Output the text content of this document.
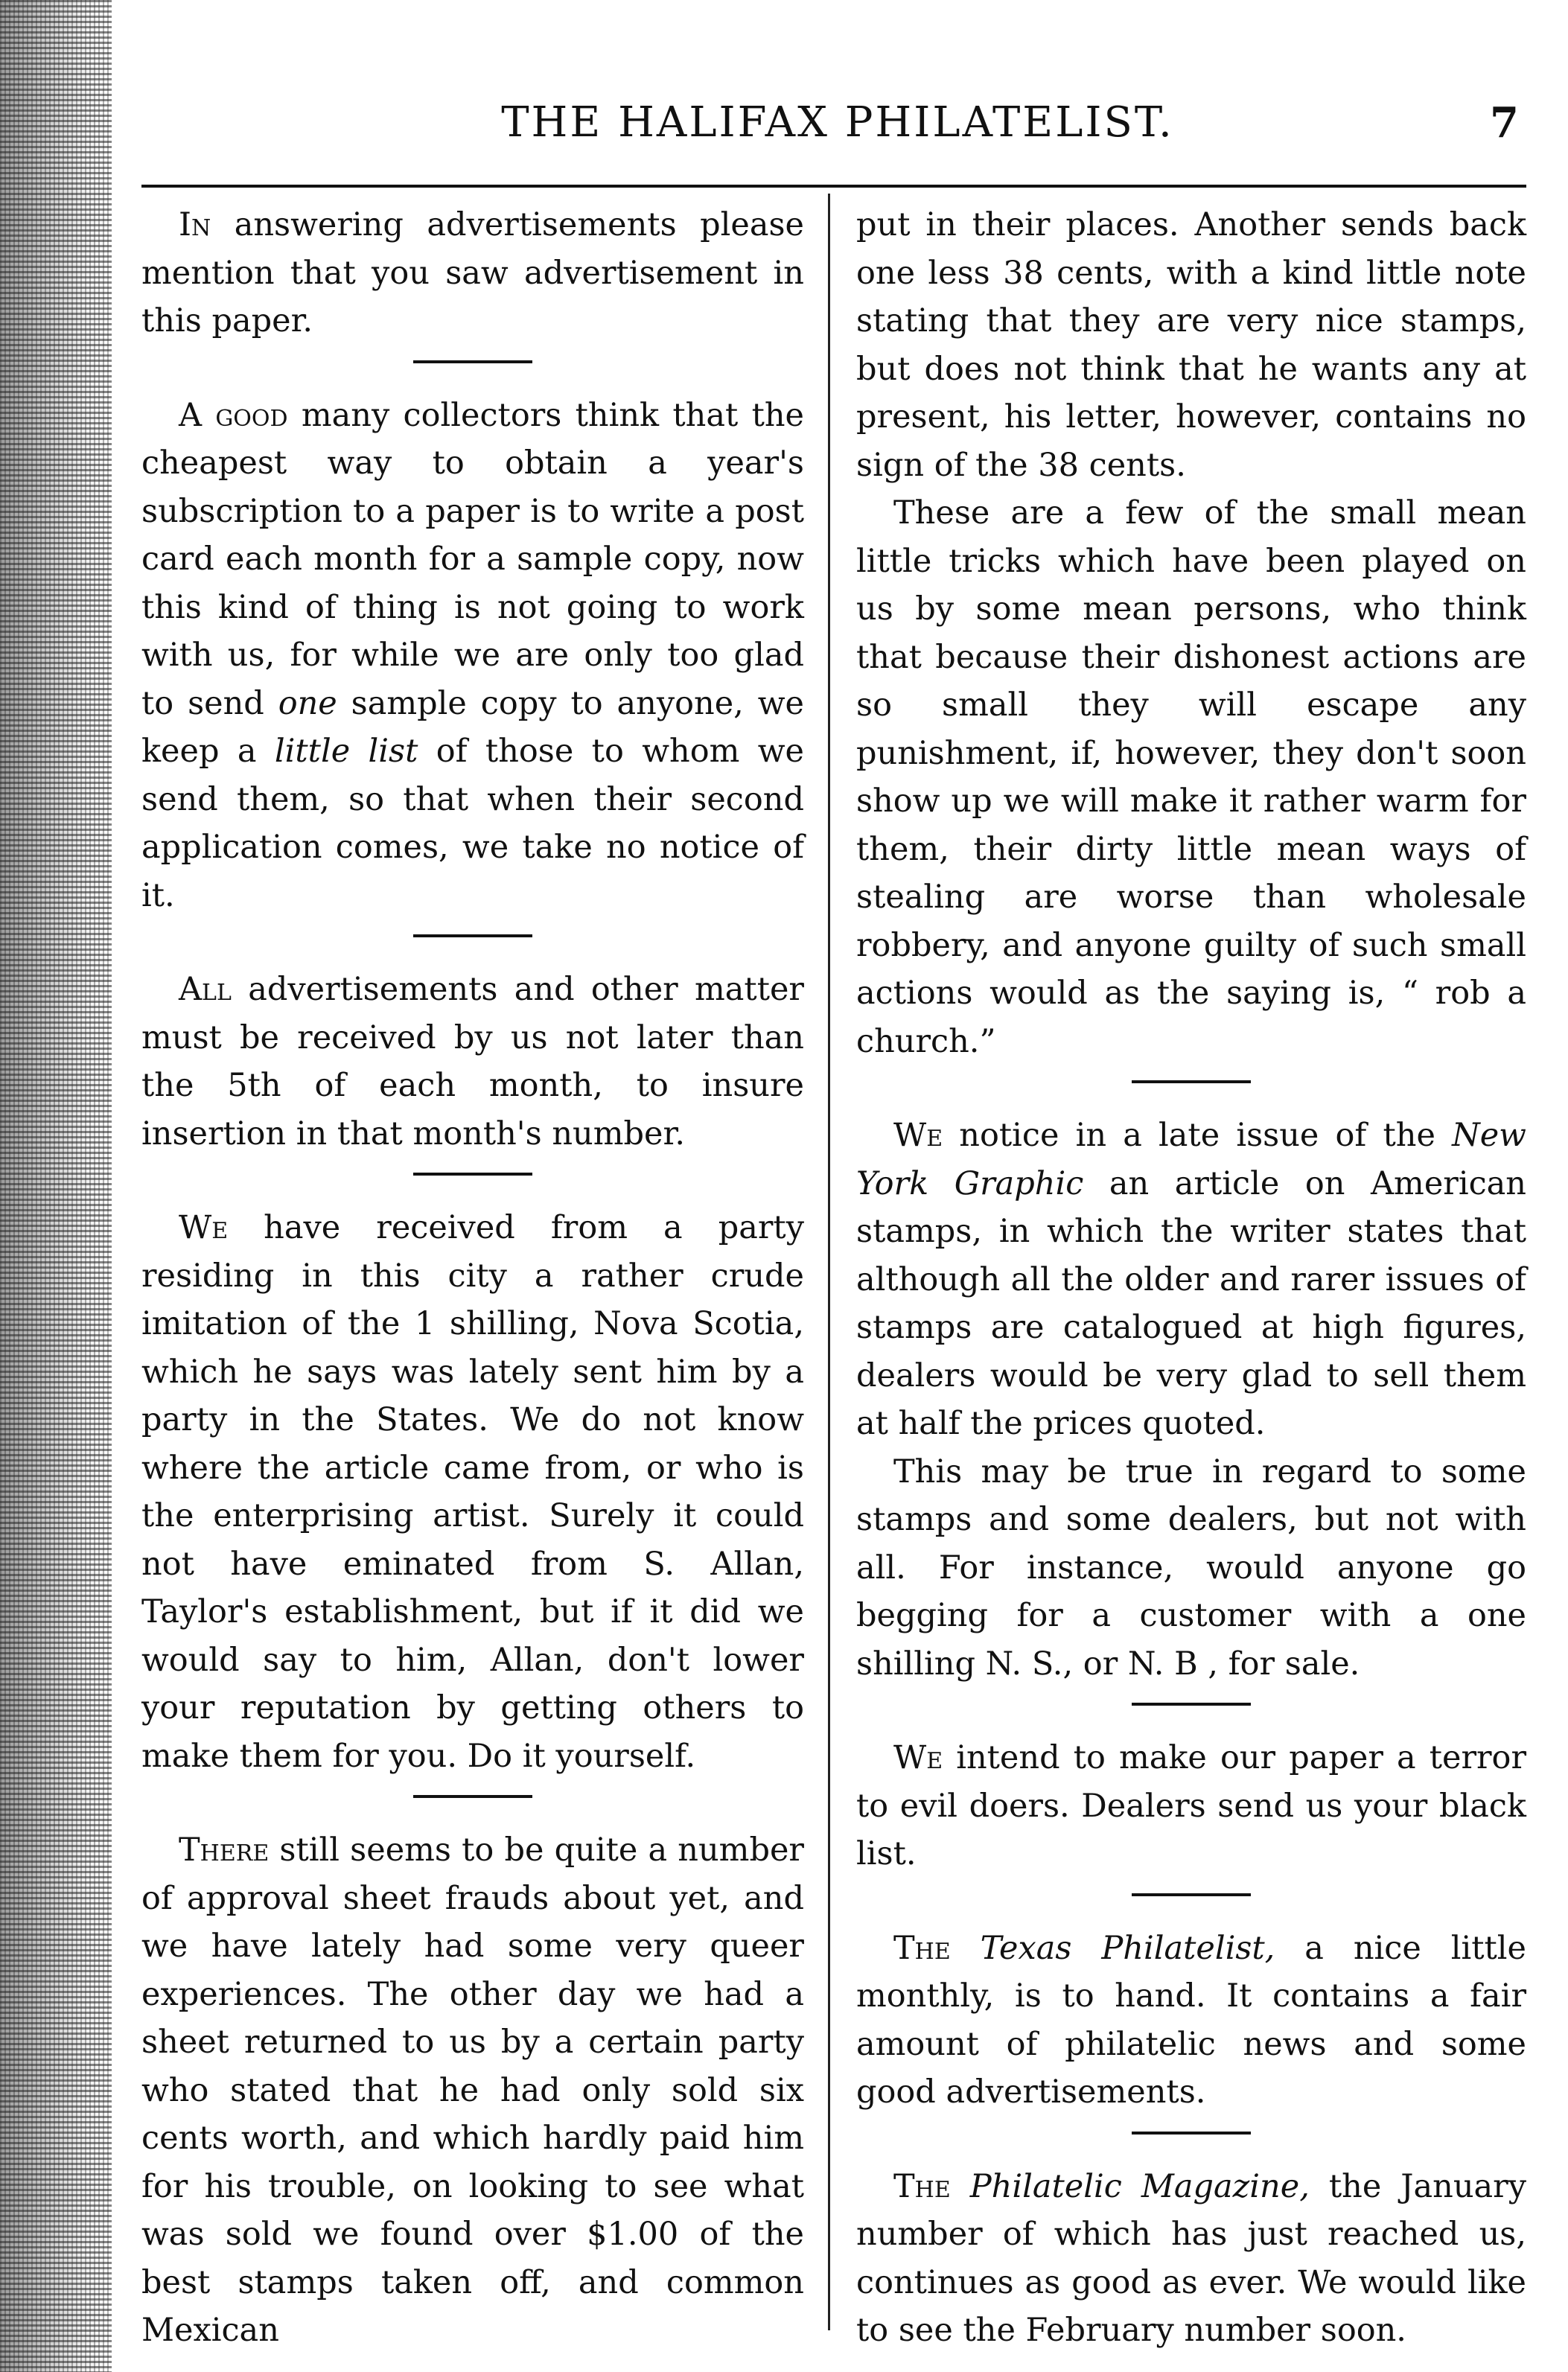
THE HALIFAX PHILATELIST.	7

In answering advertisements please mention that you saw advertisement in this paper.

A good many collectors think that the cheapest way to obtain a year's subscription to a paper is to write a post card each month for a sample copy, now this kind of thing is not going to work with us, for while we are only too glad to send one sample copy to anyone, we keep a little list of those to whom we send them, so that when their second application comes, we take no notice of it.

All advertisements and other matter must be received by us not later than the 5th of each month, to insure insertion in that month's number.

We have received from a party residing in this city a rather crude imitation of the 1 shilling, Nova Scotia, which he says was lately sent him by a party in the States. We do not know where the article came from, or who is the enterprising artist. Surely it could not have eminated from S. Allan, Taylor's establishment, but if it did we would say to him, Allan, don't lower your reputation by getting others to make them for you. Do it yourself.

There still seems to be quite a number of approval sheet frauds about yet, and we have lately had some very queer experiences. The other day we had a sheet returned to us by a certain party who stated that he had only sold six cents worth, and which hardly paid him for his trouble, on looking to see what was sold we found over $1.00 of the best stamps taken off, and common Mexican

put in their places. Another sends back one less 38 cents, with a kind little note stating that they are very nice stamps, but does not think that he wants any at present, his letter, however, contains no sign of the 38 cents.

These are a few of the small mean little tricks which have been played on us by some mean persons, who think that because their dishonest actions are so small they will escape any punishment, if, however, they don't soon show up we will make it rather warm for them, their dirty little mean ways of stealing are worse than wholesale robbery, and anyone guilty of such small actions would as the saying is, “ rob a church.”

We notice in a late issue of the New York Graphic an article on American stamps, in which the writer states that although all the older and rarer issues of stamps are catalogued at high figures, dealers would be very glad to sell them at half the prices quoted.

This may be true in regard to some stamps and some dealers, but not with all. For instance, would anyone go begging for a customer with a one shilling N. S., or N. B , for sale.

We intend to make our paper a terror to evil doers. Dealers send us your black list.

The Texas Philatelist, a nice little monthly, is to hand. It contains a fair amount of philatelic news and some good advertisements.

The Philatelic Magazine, the January number of which has just reached us, continues as good as ever. We would like to see the February number soon.
